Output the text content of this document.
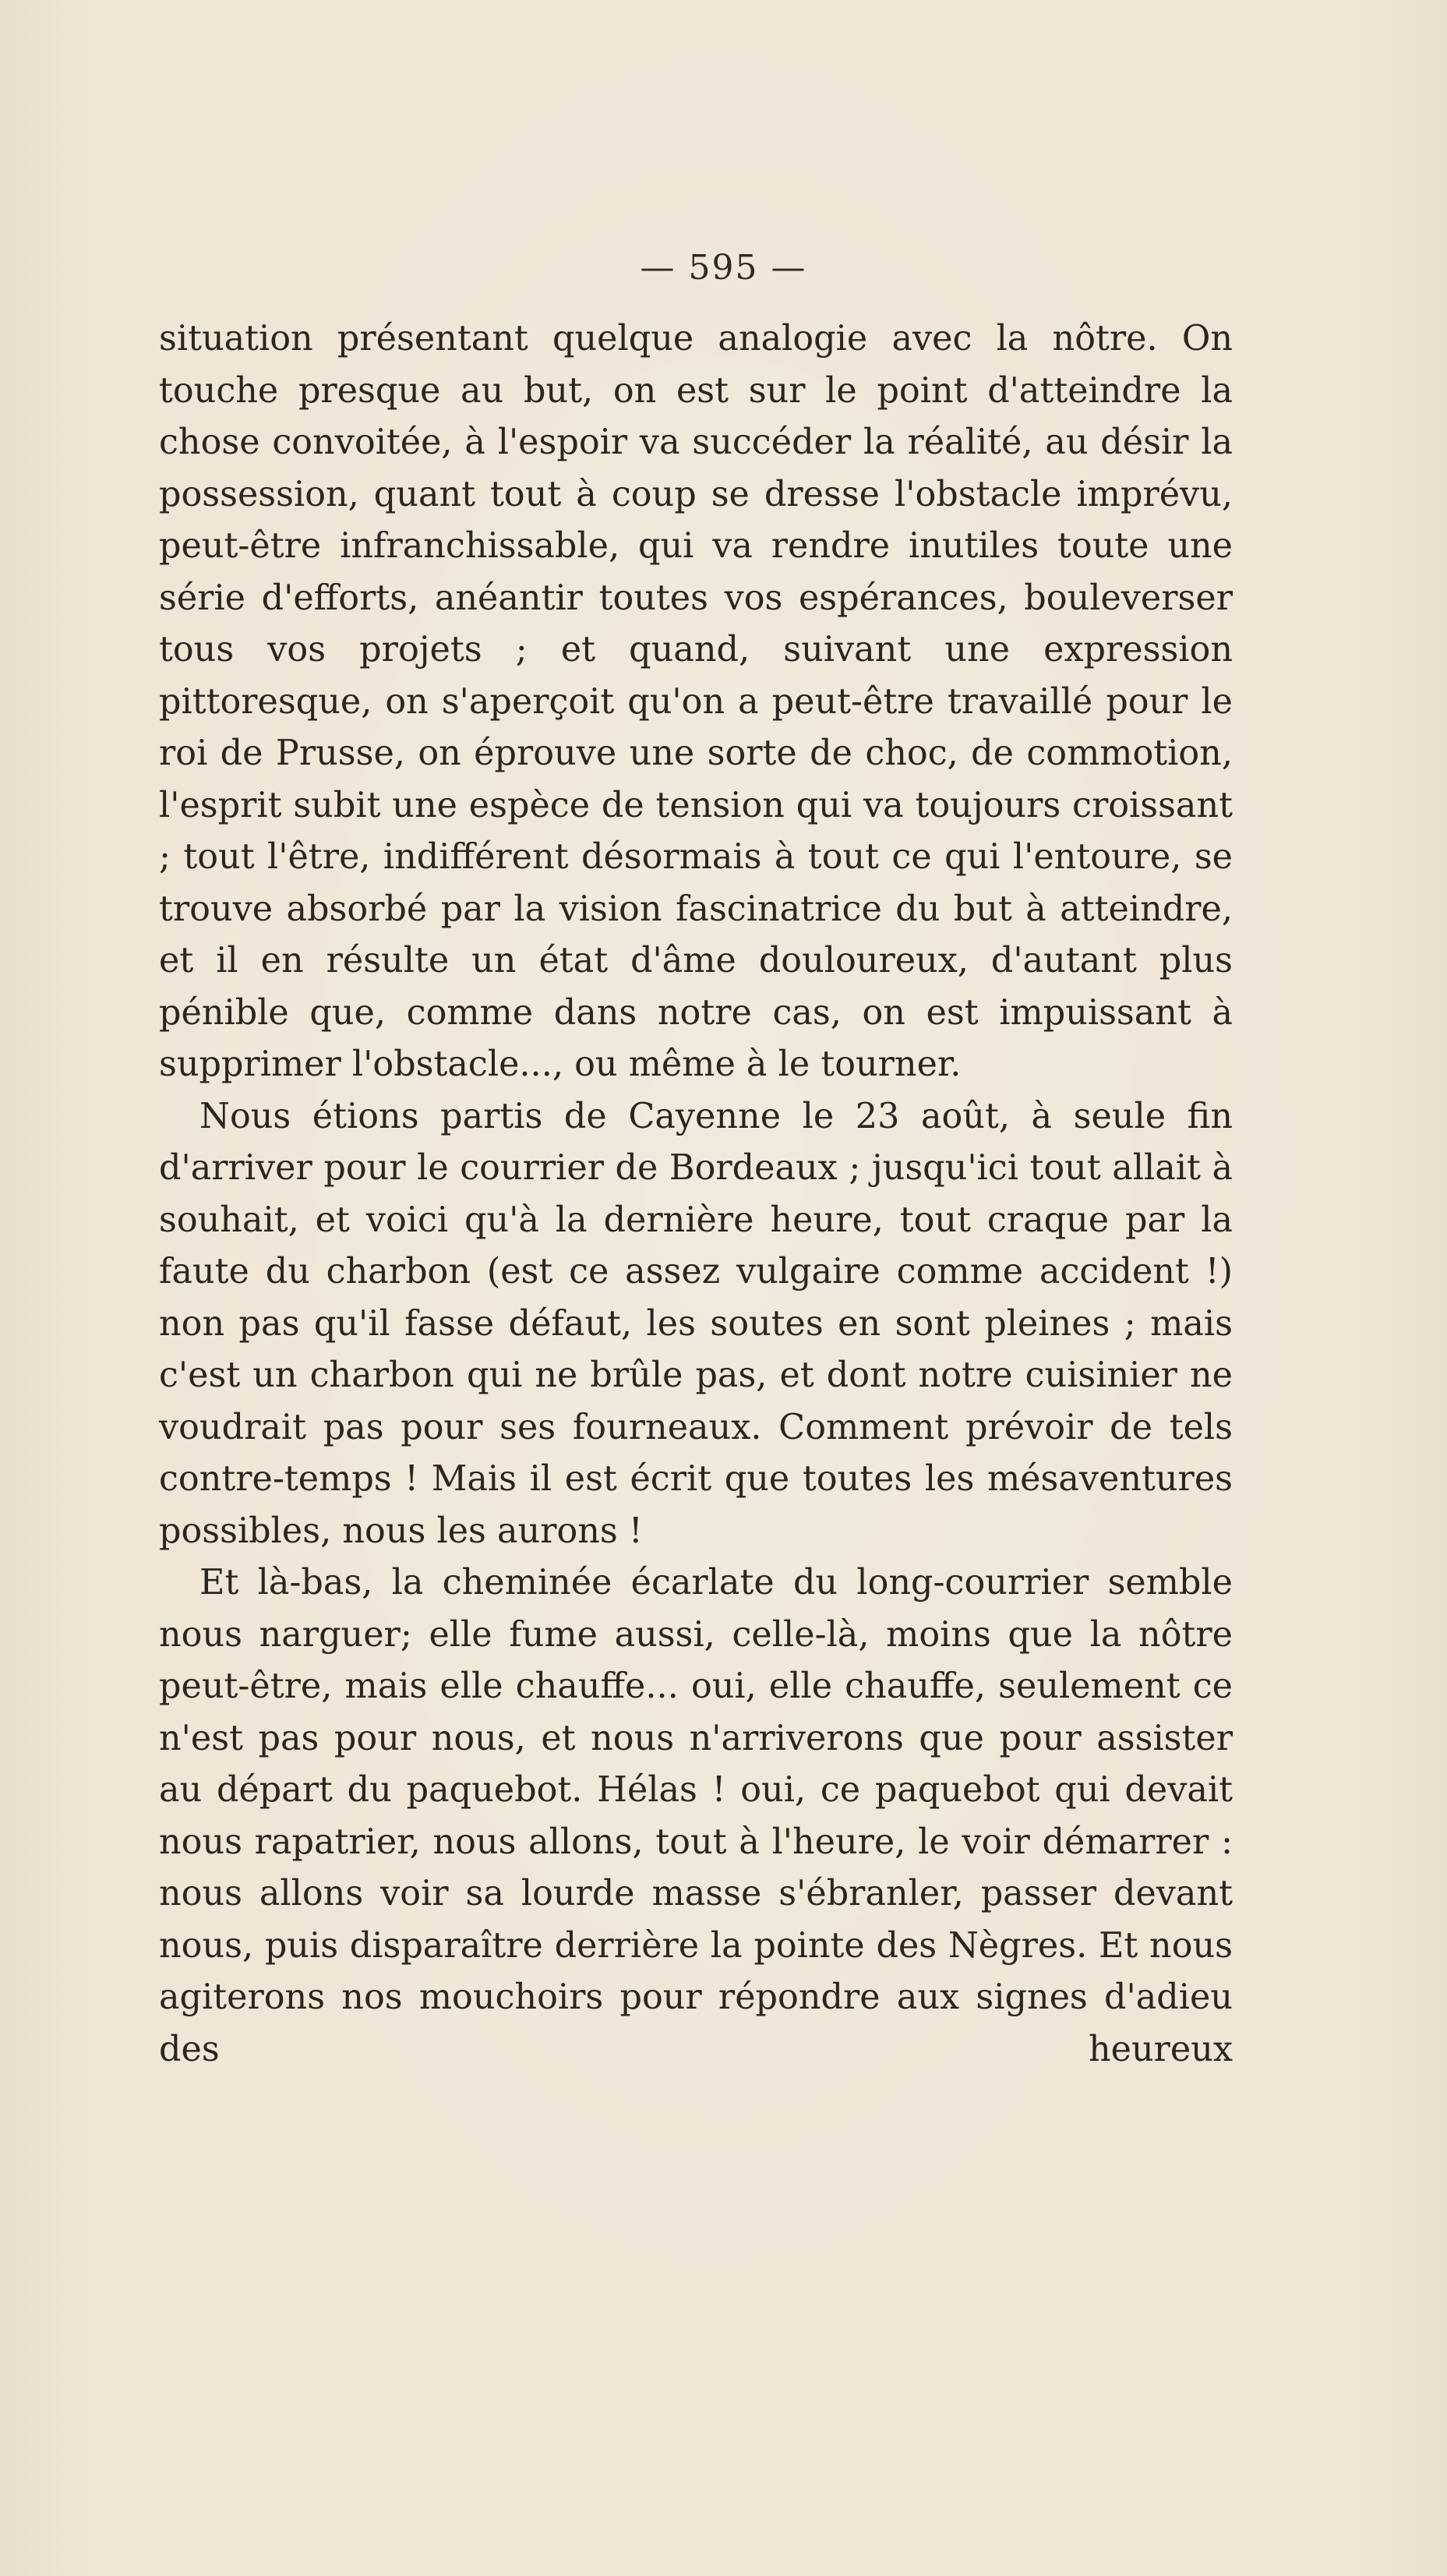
— 595 —

situation présentant quelque analogie avec la nôtre. On touche presque au but, on est sur le point d'atteindre la chose convoitée, à l'espoir va succéder la réalité, au désir la possession, quant tout à coup se dresse l'obstacle imprévu, peut-être infranchissable, qui va rendre inutiles toute une série d'efforts, anéantir toutes vos espérances, bouleverser tous vos projets ; et quand, suivant une expression pittoresque, on s'aperçoit qu'on a peut-être travaillé pour le roi de Prusse, on éprouve une sorte de choc, de commotion, l'esprit subit une espèce de tension qui va toujours croissant ; tout l'être, indifférent désormais à tout ce qui l'entoure, se trouve absorbé par la vision fascinatrice du but à atteindre, et il en résulte un état d'âme douloureux, d'autant plus pénible que, comme dans notre cas, on est impuissant à supprimer l'obstacle..., ou même à le tourner.

Nous étions partis de Cayenne le 23 août, à seule fin d'arriver pour le courrier de Bordeaux ; jusqu'ici tout allait à souhait, et voici qu'à la dernière heure, tout craque par la faute du charbon (est ce assez vulgaire comme accident !) non pas qu'il fasse défaut, les soutes en sont pleines ; mais c'est un charbon qui ne brûle pas, et dont notre cuisinier ne voudrait pas pour ses fourneaux. Comment prévoir de tels contre-temps ! Mais il est écrit que toutes les mésaventures possibles, nous les aurons !

Et là-bas, la cheminée écarlate du long-courrier semble nous narguer; elle fume aussi, celle-là, moins que la nôtre peut-être, mais elle chauffe... oui, elle chauffe, seulement ce n'est pas pour nous, et nous n'arriverons que pour assister au départ du paquebot. Hélas ! oui, ce paquebot qui devait nous rapatrier, nous allons, tout à l'heure, le voir démarrer : nous allons voir sa lourde masse s'ébranler, passer devant nous, puis disparaître derrière la pointe des Nègres. Et nous agiterons nos mouchoirs pour répondre aux signes d'adieu des heureux
